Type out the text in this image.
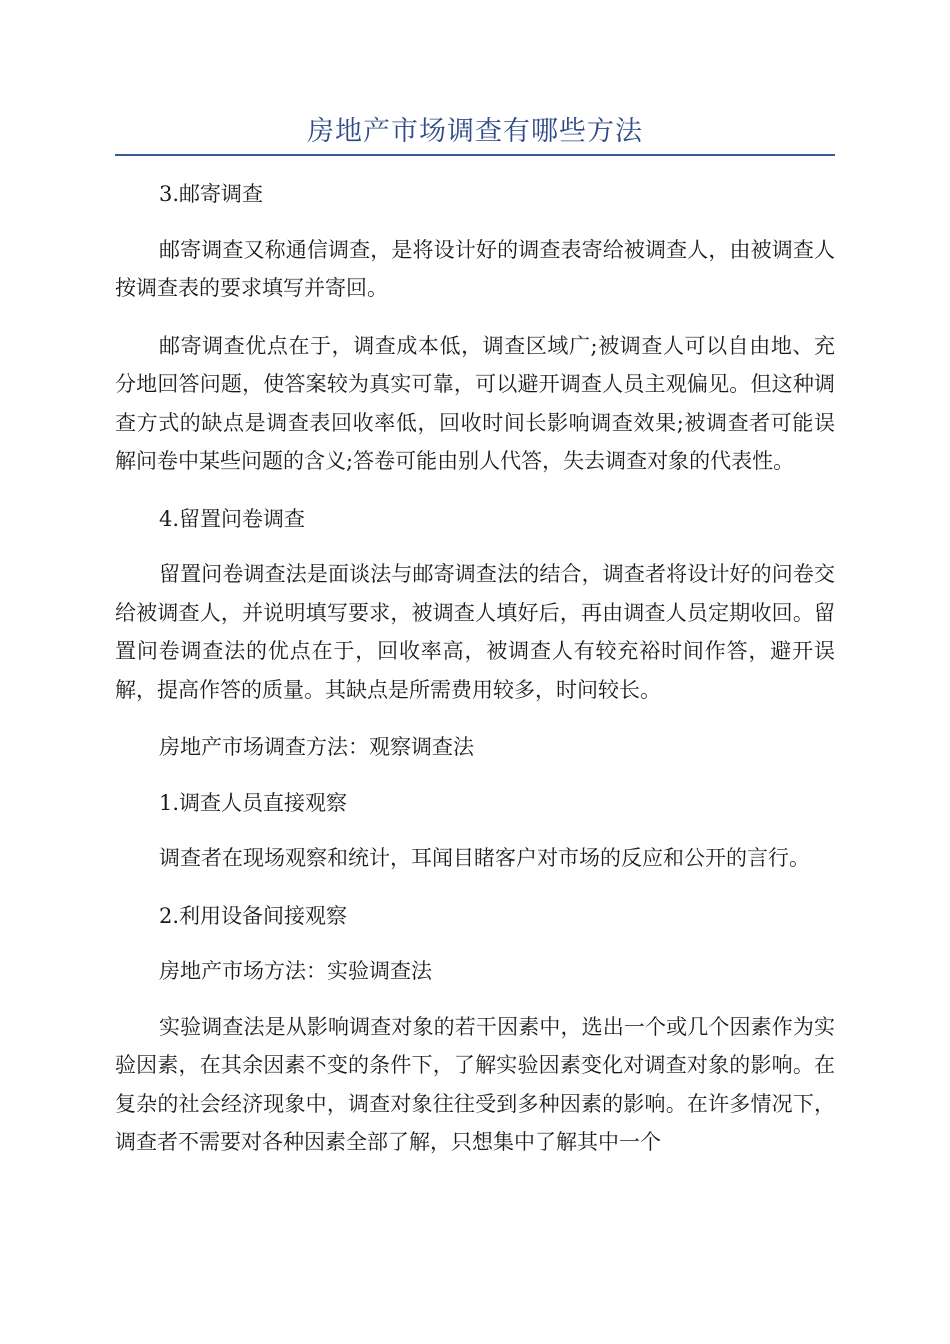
房地产市场调查有哪些方法

3.邮寄调查

邮寄调查又称通信调查，是将设计好的调查表寄给被调查人，由被调查人按调查表的要求填写并寄回。

邮寄调查优点在于，调查成本低，调查区域广;被调查人可以自由地、充分地回答问题，使答案较为真实可靠，可以避开调查人员主观偏见。但这种调查方式的缺点是调查表回收率低，回收时间长影响调查效果;被调查者可能误解问卷中某些问题的含义;答卷可能由别人代答，失去调查对象的代表性。

4.留置问卷调查

留置问卷调查法是面谈法与邮寄调查法的结合，调查者将设计好的问卷交给被调查人，并说明填写要求，被调查人填好后，再由调查人员定期收回。留置问卷调查法的优点在于，回收率高，被调查人有较充裕时间作答，避开误解，提高作答的质量。其缺点是所需费用较多，时问较长。

房地产市场调查方法：观察调查法

1.调查人员直接观察

调查者在现场观察和统计，耳闻目睹客户对市场的反应和公开的言行。

2.利用设备间接观察

房地产市场方法：实验调查法

实验调查法是从影响调查对象的若干因素中，选出一个或几个因素作为实验因素，在其余因素不变的条件下，了解实验因素变化对调查对象的影响。在复杂的社会经济现象中，调查对象往往受到多种因素的影响。在许多情况下，调查者不需要对各种因素全部了解，只想集中了解其中一个
